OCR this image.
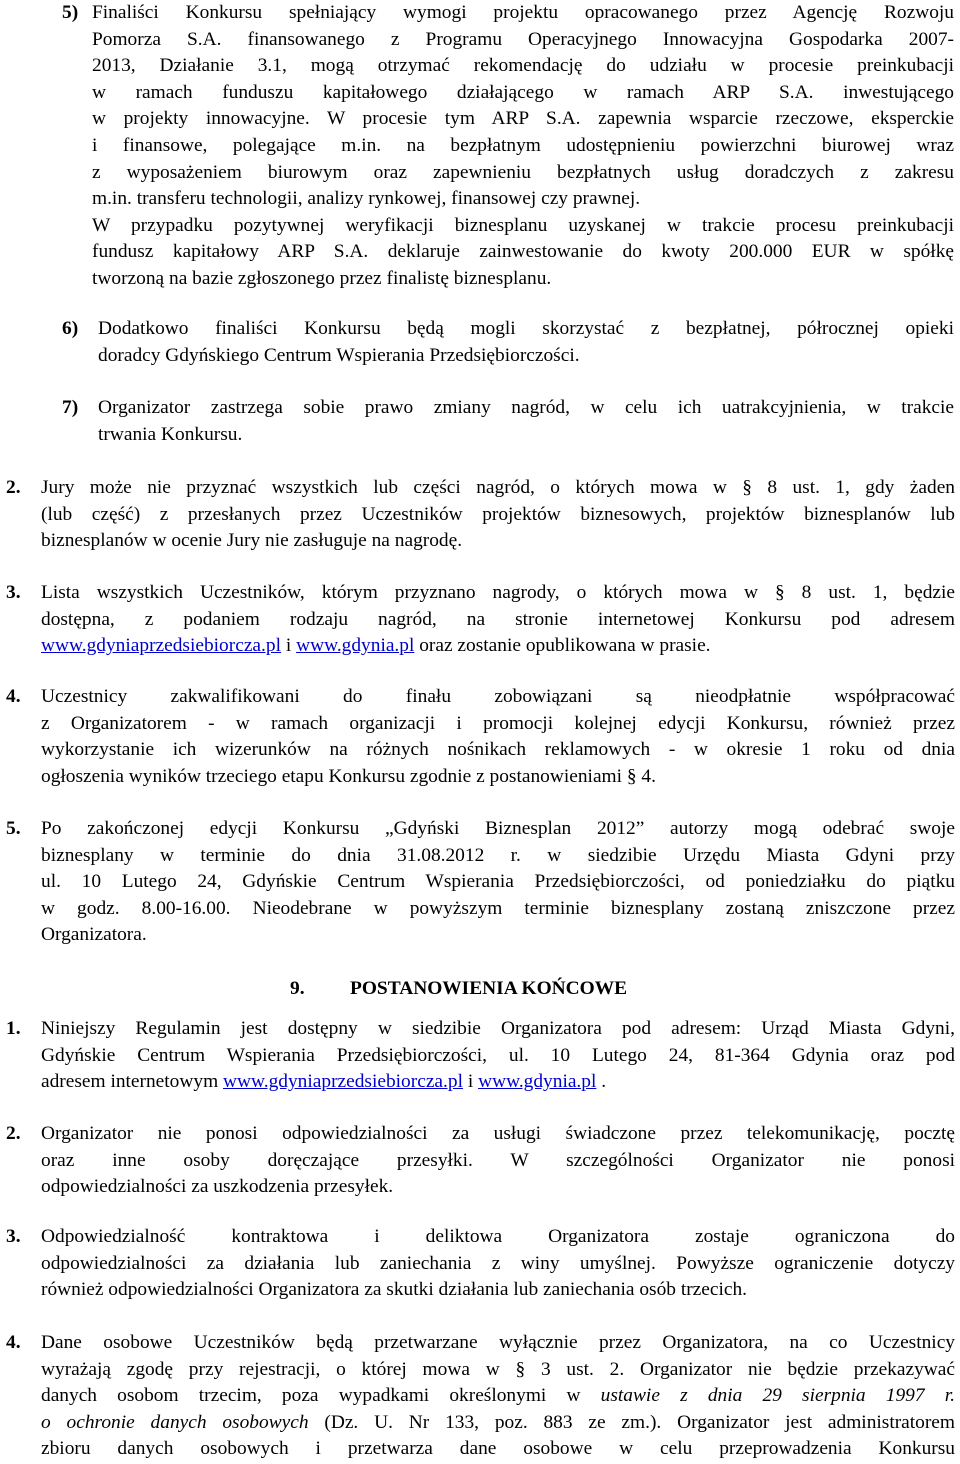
5) Finaliści Konkursu spełniający wymogi projektu opracowanego przez Agencję Rozwoju
Pomorza S.A. finansowanego z Programu Operacyjnego Innowacyjna Gospodarka 2007-
2013, Działanie 3.1, mogą otrzymać rekomendację do udziału w procesie preinkubacji
w ramach funduszu kapitałowego działającego w ramach ARP S.A. inwestującego
w projekty innowacyjne. W procesie tym ARP S.A. zapewnia wsparcie rzeczowe, eksperckie
i finansowe, polegające m.in. na bezpłatnym udostępnieniu powierzchni biurowej wraz
z wyposażeniem biurowym oraz zapewnieniu bezpłatnych usług doradczych z zakresu
m.in. transferu technologii, analizy rynkowej, finansowej czy prawnej.
W przypadku pozytywnej weryfikacji biznesplanu uzyskanej w trakcie procesu preinkubacji
fundusz kapitałowy ARP S.A. deklaruje zainwestowanie do kwoty 200.000 EUR w spółkę
tworzoną na bazie zgłoszonego przez finalistę biznesplanu.
6) Dodatkowo finaliści Konkursu będą mogli skorzystać z bezpłatnej, półrocznej opieki
doradcy Gdyńskiego Centrum Wspierania Przedsiębiorczości.
7) Organizator zastrzega sobie prawo zmiany nagród, w celu ich uatrakcyjnienia, w trakcie
trwania Konkursu.
2. Jury może nie przyznać wszystkich lub części nagród, o których mowa w § 8 ust. 1, gdy żaden
(lub część) z przesłanych przez Uczestników projektów biznesowych, projektów biznesplanów lub
biznesplanów w ocenie Jury nie zasługuje na nagrodę.
3. Lista wszystkich Uczestników, którym przyznano nagrody, o których mowa w § 8 ust. 1, będzie
dostępna, z podaniem rodzaju nagród, na stronie internetowej Konkursu pod adresem
www.gdyniaprzedsiebiorcza.pl i www.gdynia.pl oraz zostanie opublikowana w prasie.
4. Uczestnicy zakwalifikowani do finału zobowiązani są nieodpłatnie współpracować
z Organizatorem - w ramach organizacji i promocji kolejnej edycji Konkursu, również przez
wykorzystanie ich wizerunków na różnych nośnikach reklamowych - w okresie 1 roku od dnia
ogłoszenia wyników trzeciego etapu Konkursu zgodnie z postanowieniami § 4.
5. Po zakończonej edycji Konkursu „Gdyński Biznesplan 2012” autorzy mogą odebrać swoje
biznesplany w terminie do dnia 31.08.2012 r. w siedzibie Urzędu Miasta Gdyni przy
ul. 10 Lutego 24, Gdyńskie Centrum Wspierania Przedsiębiorczości, od poniedziałku do piątku
w godz. 8.00-16.00. Nieodebrane w powyższym terminie biznesplany zostaną zniszczone przez
Organizatora.
9. POSTANOWIENIA KOŃCOWE
1. Niniejszy Regulamin jest dostępny w siedzibie Organizatora pod adresem: Urząd Miasta Gdyni,
Gdyńskie Centrum Wspierania Przedsiębiorczości, ul. 10 Lutego 24, 81-364 Gdynia oraz pod
adresem internetowym www.gdyniaprzedsiebiorcza.pl i www.gdynia.pl .
2. Organizator nie ponosi odpowiedzialności za usługi świadczone przez telekomunikację, pocztę
oraz inne osoby doręczające przesyłki. W szczególności Organizator nie ponosi
odpowiedzialności za uszkodzenia przesyłek.
3. Odpowiedzialność kontraktowa i deliktowa Organizatora zostaje ograniczona do
odpowiedzialności za działania lub zaniechania z winy umyślnej. Powyższe ograniczenie dotyczy
również odpowiedzialności Organizatora za skutki działania lub zaniechania osób trzecich.
4. Dane osobowe Uczestników będą przetwarzane wyłącznie przez Organizatora, na co Uczestnicy
wyrażają zgodę przy rejestracji, o której mowa w § 3 ust. 2. Organizator nie będzie przekazywać
danych osobom trzecim, poza wypadkami określonymi w ustawie z dnia 29 sierpnia 1997 r.
o ochronie danych osobowych (Dz. U. Nr 133, poz. 883 ze zm.). Organizator jest administratorem
zbioru danych osobowych i przetwarza dane osobowe w celu przeprowadzenia Konkursu
